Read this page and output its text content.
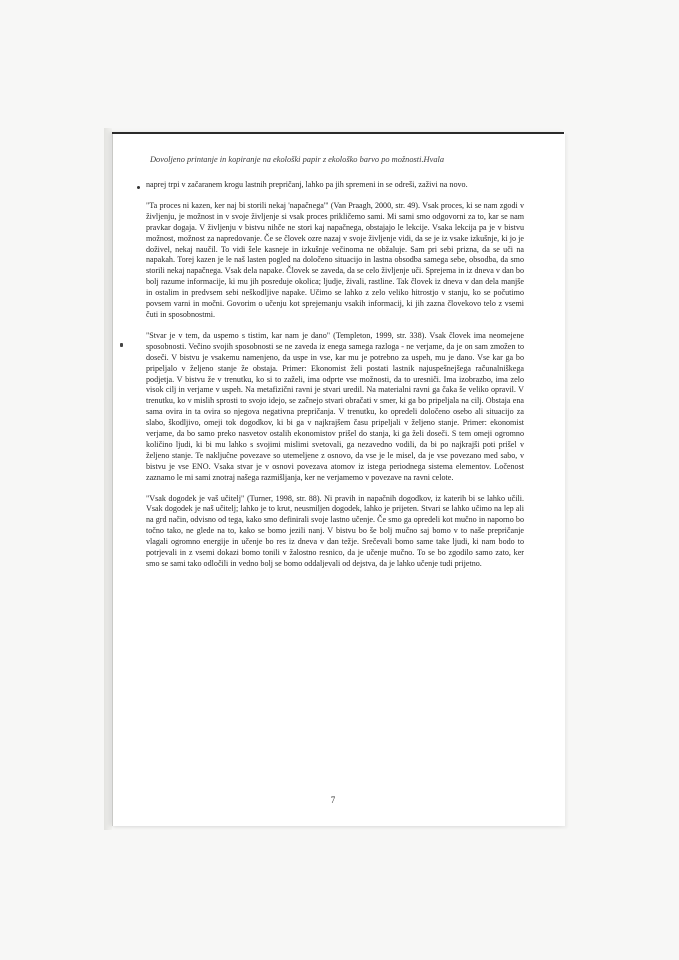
Dovoljeno printanje in kopiranje na ekološki papir z ekološko barvo po možnosti.Hvala

naprej trpi v začaranem krogu lastnih prepričanj, lahko pa jih spremeni in se odreši, zaživi na novo.

"Ta proces ni kazen, ker naj bi storili nekaj 'napačnega'" (Van Praagh, 2000, str. 49). Vsak proces, ki se nam zgodi v življenju, je možnost in v svoje življenje si vsak proces prikličemo sami. Mi sami smo odgovorni za to, kar se nam pravkar dogaja. V življenju v bistvu nihče ne stori kaj napačnega, obstajajo le lekcije. Vsaka lekcija pa je v bistvu možnost, možnost za napredovanje. Če se človek ozre nazaj v svoje življenje vidi, da se je iz vsake izkušnje, ki jo je doživel, nekaj naučil. To vidi šele kasneje in izkušnje večinoma ne obžaluje. Sam pri sebi prizna, da se uči na napakah. Torej kazen je le naš lasten pogled na določeno situacijo in lastna obsodba samega sebe, obsodba, da smo storili nekaj napačnega. Vsak dela napake. Človek se zaveda, da se celo življenje uči. Sprejema in iz dneva v dan bo bolj razume informacije, ki mu jih posreduje okolica; ljudje, živali, rastline. Tak človek iz dneva v dan dela manjše in ostalim in predvsem sebi neškodljive napake. Učimo se lahko z zelo veliko hitrostjo v stanju, ko se počutimo povsem varni in močni. Govorim o učenju kot sprejemanju vsakih informacij, ki jih zazna človekovo telo z vsemi čuti in sposobnostmi.

"Stvar je v tem, da uspemo s tistim, kar nam je dano" (Templeton, 1999, str. 338). Vsak človek ima neomejene sposobnosti. Večino svojih sposobnosti se ne zaveda iz enega samega razloga - ne verjame, da je on sam zmožen to doseči. V bistvu je vsakemu namenjeno, da uspe in vse, kar mu je potrebno za uspeh, mu je dano. Vse kar ga bo pripeljalo v željeno stanje že obstaja. Primer: Ekonomist želi postati lastnik najuspešnejšega računalniškega podjetja. V bistvu že v trenutku, ko si to zaželi, ima odprte vse možnosti, da to uresniči. Ima izobrazbo, ima zelo visok cilj in verjame v uspeh. Na metafizični ravni je stvari uredil. Na materialni ravni ga čaka še veliko opravil. V trenutku, ko v mislih sprosti to svojo idejo, se začnejo stvari obračati v smer, ki ga bo pripeljala na cilj. Obstaja ena sama ovira in ta ovira so njegova negativna prepričanja. V trenutku, ko opredeli določeno osebo ali situacijo za slabo, škodljivo, omeji tok dogodkov, ki bi ga v najkrajšem času pripeljali v željeno stanje. Primer: ekonomist verjame, da bo samo preko nasvetov ostalih ekonomistov prišel do stanja, ki ga želi doseči. S tem omeji ogromno količino ljudi, ki bi mu lahko s svojimi mislimi svetovali, ga nezavedno vodili, da bi po najkrajši poti prišel v željeno stanje. Te nakljuĉne povezave so utemeljene z osnovo, da vse je le misel, da je vse povezano med sabo, v bistvu je vse ENO. Vsaka stvar je v osnovi povezava atomov iz istega periodnega sistema elementov. Ločenost zaznamo le mi sami znotraj našega razmišljanja, ker ne verjamemo v povezave na ravni celote.

"Vsak dogodek je vaš učitelj" (Turner, 1998, str. 88). Ni pravih in napačnih dogodkov, iz katerih bi se lahko učili. Vsak dogodek je naš učitelj; lahko je to krut, neusmiljen dogodek, lahko je prijeten. Stvari se lahko učimo na lep ali na grd način, odvisno od tega, kako smo definirali svoje lastno učenje. Če smo ga opredeli kot mučno in naporno bo točno tako, ne glede na to, kako se bomo jezili nanj. V bistvu bo še bolj mučno saj bomo v to naše prepričanje vlagali ogromno energije in učenje bo res iz dneva v dan težje. Srečevali bomo same take ljudi, ki nam bodo to potrjevali in z vsemi dokazi bomo tonili v žalostno resnico, da je učenje mučno. To se bo zgodilo samo zato, ker smo se sami tako odločili in vedno bolj se bomo oddaljevali od dejstva, da je lahko učenje tudi prijetno.

7
